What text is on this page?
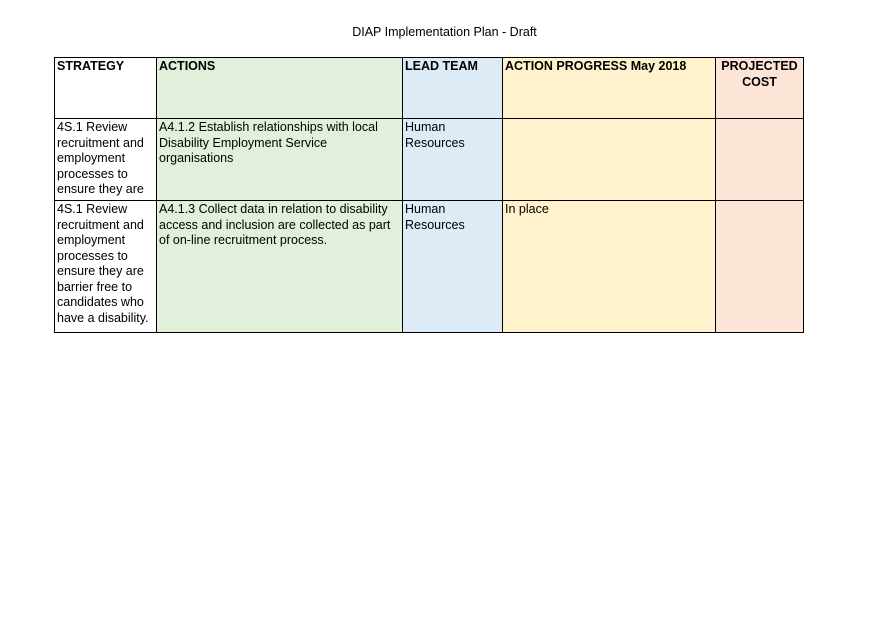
DIAP Implementation Plan - Draft
STRATEGY	ACTIONS	LEAD TEAM	ACTION PROGRESS May 2018	PROJECTED COST

4S.1 Review recruitment and employment processes to ensure they are	A4.1.2 Establish relationships with local Disability Employment Service organisations	Human Resources		
4S.1 Review recruitment and employment processes to ensure they are barrier free to candidates who have a disability.	A4.1.3 Collect data in relation to disability access and inclusion are collected as part of on-line recruitment process.	Human Resources	In place	
